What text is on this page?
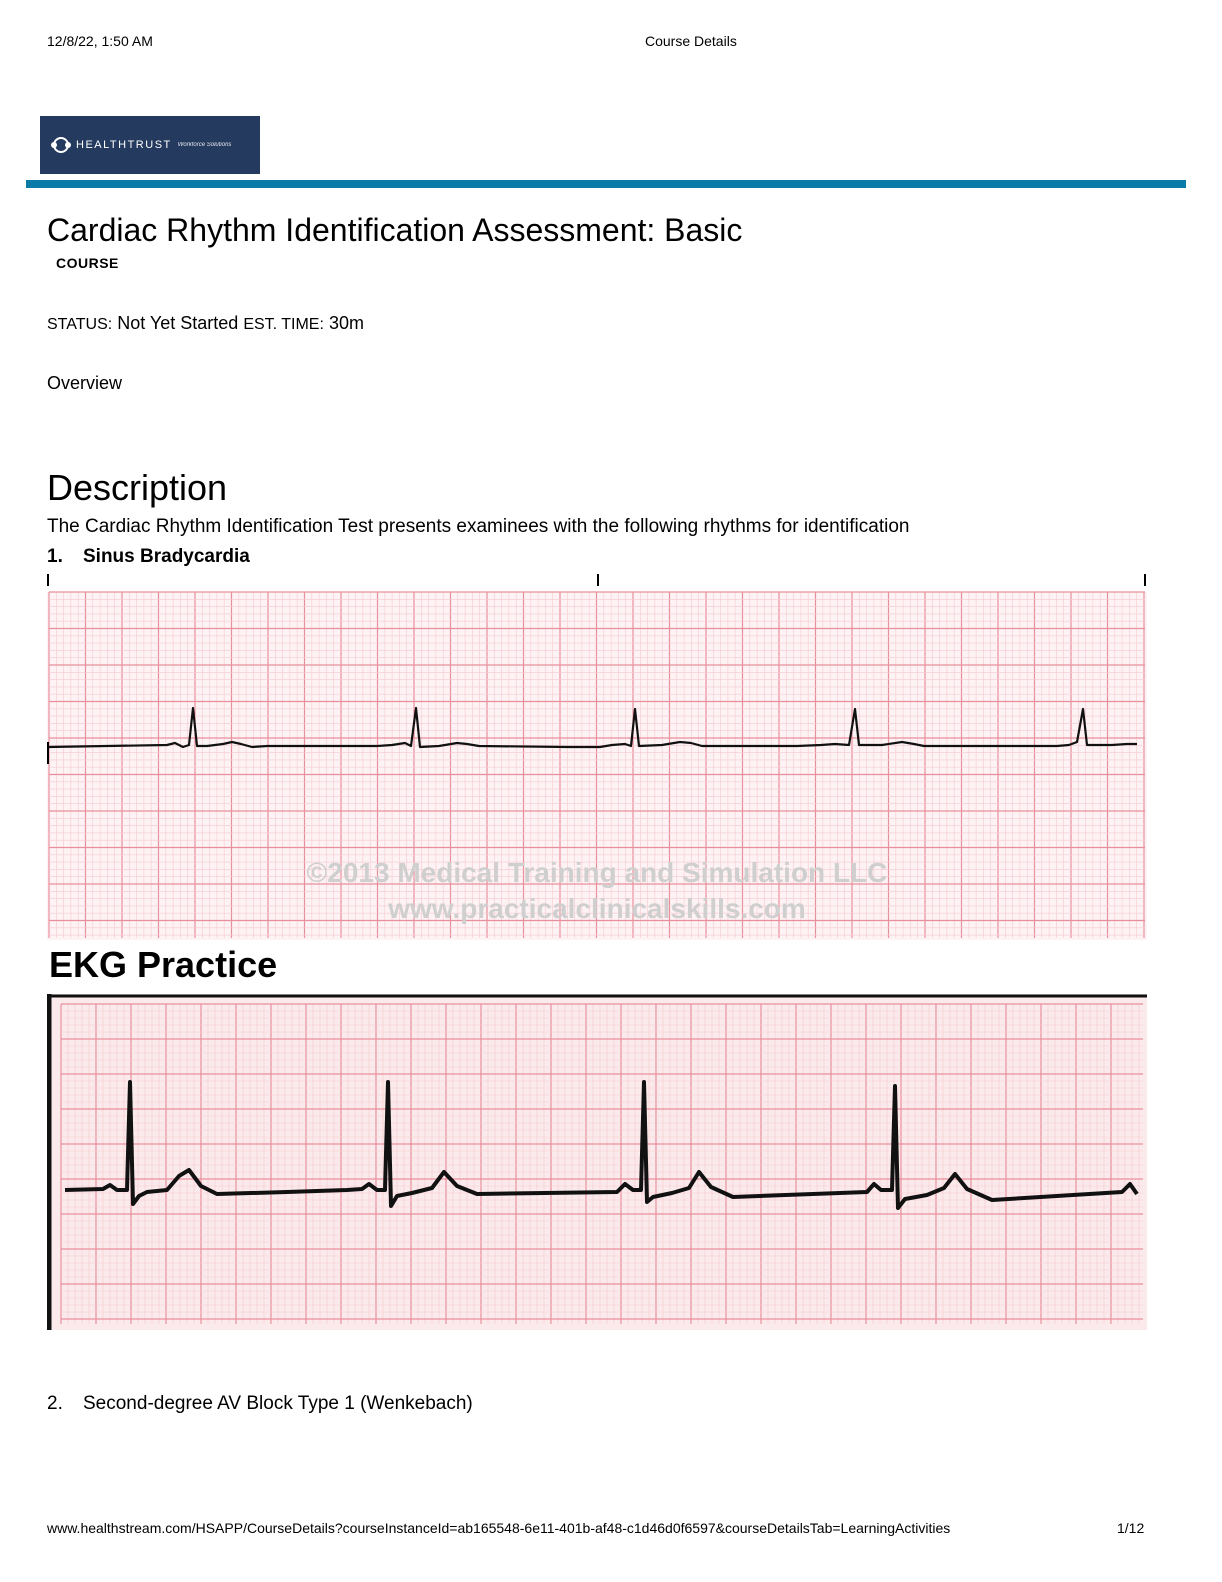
12/8/22, 1:50 AM	Course Details
HEALTHTRUST Workforce Solutions
Cardiac Rhythm Identification Assessment: Basic
COURSE
STATUS: Not Yet Started EST. TIME: 30m
Overview
Description
The Cardiac Rhythm Identification Test presents examinees with the following rhythms for identification
1. Sinus Bradycardia
©2013 Medical Training and Simulation LLC
www.practicalclinicalskills.com
EKG Practice
2. Second-degree AV Block Type 1 (Wenkebach)
www.healthstream.com/HSAPP/CourseDetails?courseInstanceId=ab165548-6e11-401b-af48-c1d46d0f6597&courseDetailsTab=LearningActivities	1/12
